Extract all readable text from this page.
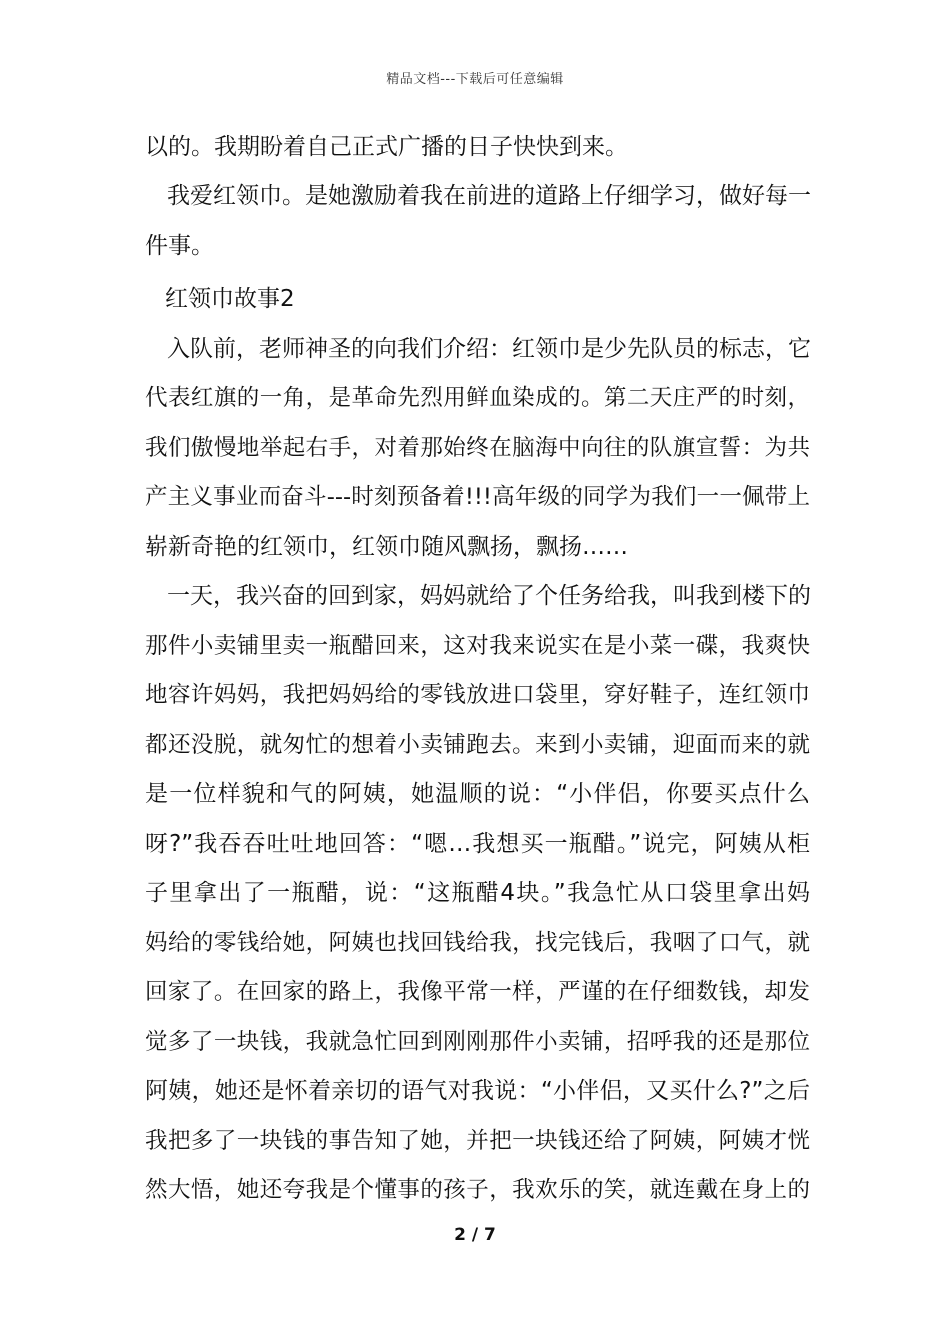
精品文档---下载后可任意编辑
以的。我期盼着自己正式广播的日子快快到来。
我爱红领巾。是她激励着我在前进的道路上仔细学习，做好每一
件事。
红领巾故事2
入队前，老师神圣的向我们介绍：红领巾是少先队员的标志，它
代表红旗的一角，是革命先烈用鲜血染成的。第二天庄严的时刻，
我们傲慢地举起右手，对着那始终在脑海中向往的队旗宣誓：为共
产主义事业而奋斗---时刻预备着!!!高年级的同学为我们一一佩带上
崭新奇艳的红领巾，红领巾随风飘扬，飘扬……
一天，我兴奋的回到家，妈妈就给了个任务给我，叫我到楼下的
那件小卖铺里卖一瓶醋回来，这对我来说实在是小菜一碟，我爽快
地容许妈妈，我把妈妈给的零钱放进口袋里，穿好鞋子，连红领巾
都还没脱，就匆忙的想着小卖铺跑去。来到小卖铺，迎面而来的就
是一位样貌和气的阿姨，她温顺的说：“小伴侣，你要买点什么
呀?”我吞吞吐吐地回答：“嗯…我想买一瓶醋。”说完，阿姨从柜
子里拿出了一瓶醋，说：“这瓶醋4块。”我急忙从口袋里拿出妈
妈给的零钱给她，阿姨也找回钱给我，找完钱后，我咽了口气，就
回家了。在回家的路上，我像平常一样，严谨的在仔细数钱，却发
觉多了一块钱，我就急忙回到刚刚那件小卖铺，招呼我的还是那位
阿姨，她还是怀着亲切的语气对我说：“小伴侣，又买什么?”之后
我把多了一块钱的事告知了她，并把一块钱还给了阿姨，阿姨才恍
然大悟，她还夸我是个懂事的孩子，我欢乐的笑，就连戴在身上的
2 / 7
